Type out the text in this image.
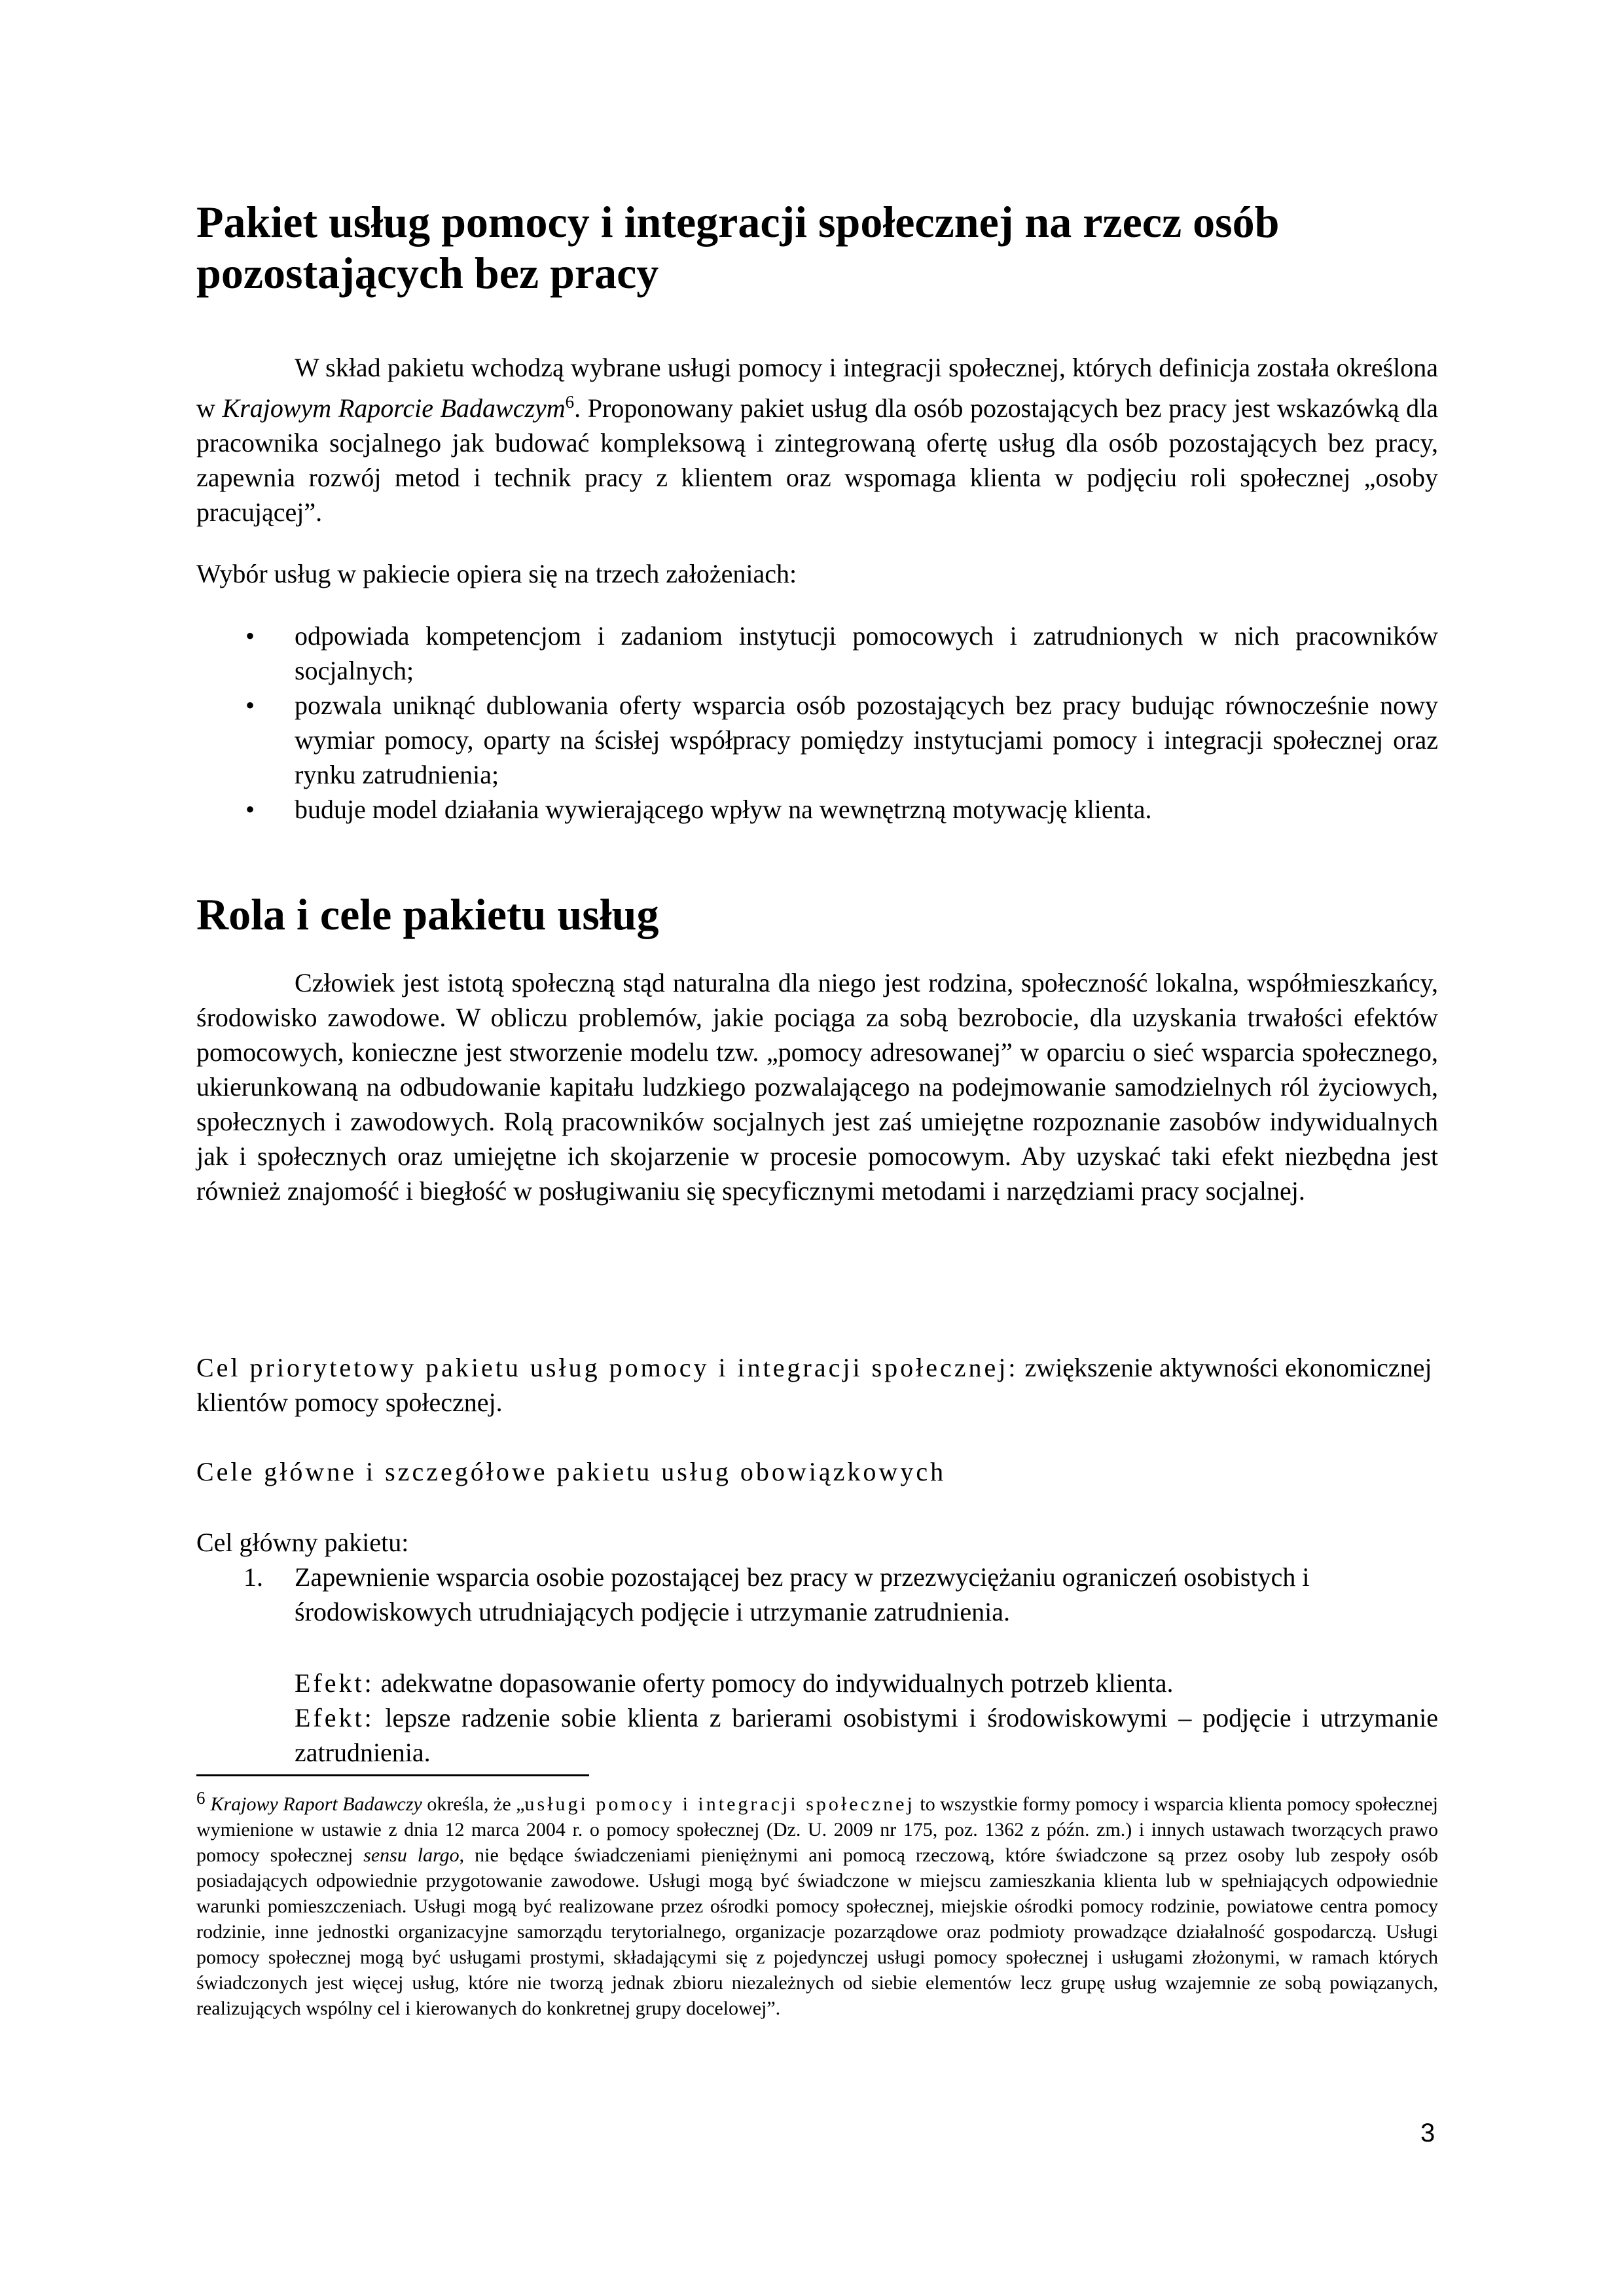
Pakiet usług pomocy i integracji społecznej na rzecz osób pozostających bez pracy

W skład pakietu wchodzą wybrane usługi pomocy i integracji społecznej, których definicja została określona w Krajowym Raporcie Badawczym$^6$. Proponowany pakiet usług dla osób pozostających bez pracy jest wskazówką dla pracownika socjalnego jak budować kompleksową i zintegrowaną ofertę usług dla osób pozostających bez pracy, zapewnia rozwój metod i technik pracy z klientem oraz wspomaga klienta w podjęciu roli społecznej „osoby pracującej”.

Wybór usług w pakiecie opiera się na trzech założeniach:

• odpowiada kompetencjom i zadaniom instytucji pomocowych i zatrudnionych w nich pracowników socjalnych;
• pozwala uniknąć dublowania oferty wsparcia osób pozostających bez pracy budując równocześnie nowy wymiar pomocy, oparty na ścisłej współpracy pomiędzy instytucjami pomocy i integracji społecznej oraz rynku zatrudnienia;
• buduje model działania wywierającego wpływ na wewnętrzną motywację klienta.
Rola i cele pakietu usług

Człowiek jest istotą społeczną stąd naturalna dla niego jest rodzina, społeczność lokalna, współmieszkańcy, środowisko zawodowe. W obliczu problemów, jakie pociąga za sobą bezrobocie, dla uzyskania trwałości efektów pomocowych, konieczne jest stworzenie modelu tzw. „pomocy adresowanej” w oparciu o sieć wsparcia społecznego, ukierunkowaną na odbudowanie kapitału ludzkiego pozwalającego na podejmowanie samodzielnych ról życiowych, społecznych i zawodowych. Rolą pracowników socjalnych jest zaś umiejętne rozpoznanie zasobów indywidualnych jak i społecznych oraz umiejętne ich skojarzenie w procesie pomocowym. Aby uzyskać taki efekt niezbędna jest również znajomość i biegłość w posługiwaniu się specyficznymi metodami i narzędziami pracy socjalnej.

Cel priorytetowy pakietu usług pomocy i integracji społecznej: zwiększenie aktywności ekonomicznej klientów pomocy społecznej.

Cele główne i szczegółowe pakietu usług obowiązkowych

Cel główny pakietu:

1. Zapewnienie wsparcia osobie pozostającej bez pracy w przezwyciężaniu ograniczeń osobistych i środowiskowych utrudniających podjęcie i utrzymanie zatrudnienia.

Efekt: adekwatne dopasowanie oferty pomocy do indywidualnych potrzeb klienta.

Efekt: lepsze radzenie sobie klienta z barierami osobistymi i środowiskowymi – podjęcie i utrzymanie zatrudnienia.

$^6$ Krajowy Raport Badawczy określa, że „usługi pomocy i integracji społecznej to wszystkie formy pomocy i wsparcia klienta pomocy społecznej wymienione w ustawie z dnia 12 marca 2004 r. o pomocy społecznej (Dz. U. 2009 nr 175, poz. 1362 z późn. zm.) i innych ustawach tworzących prawo pomocy społecznej sensu largo, nie będące świadczeniami pieniężnymi ani pomocą rzeczową, które świadczone są przez osoby lub zespoły osób posiadających odpowiednie przygotowanie zawodowe. Usługi mogą być świadczone w miejscu zamieszkania klienta lub w spełniających odpowiednie warunki pomieszczeniach. Usługi mogą być realizowane przez ośrodki pomocy społecznej, miejskie ośrodki pomocy rodzinie, powiatowe centra pomocy rodzinie, inne jednostki organizacyjne samorządu terytorialnego, organizacje pozarządowe oraz podmioty prowadzące działalność gospodarczą. Usługi pomocy społecznej mogą być usługami prostymi, składającymi się z pojedynczej usługi pomocy społecznej i usługami złożonymi, w ramach których świadczonych jest więcej usług, które nie tworzą jednak zbioru niezależnych od siebie elementów lecz grupę usług wzajemnie ze sobą powiązanych, realizujących wspólny cel i kierowanych do konkretnej grupy docelowej”.

3
